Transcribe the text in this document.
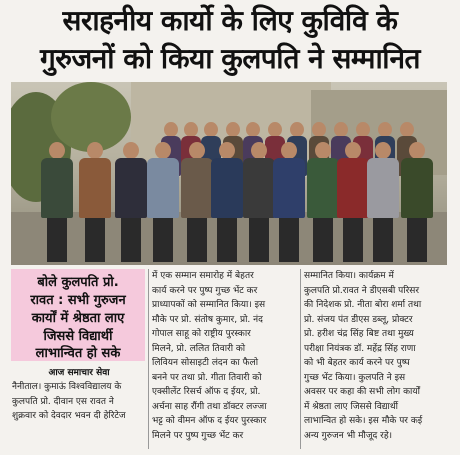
सराहनीय कार्यो के लिए कुविवि के
गुरुजनों को किया कुलपति ने सम्मानित
बोले कुलपति प्रो.
रावत : सभी गुरुजन
कार्यों में श्रेष्ठता लाए
जिससे विद्यार्थी
लाभान्वित हो सके
आज समाचार सेवा
नैनीताल। कुमाऊं विश्वविद्यालय के
कुलपति प्रो. दीवान एस रावत ने
शुक्रवार को देवदार भवन दी हेरिटेज
में एक सम्मान समारोह में बेहतर
कार्य करने पर पुष्प गुच्छ भेंट कर
प्राध्यापकों को सम्मानित किया। इस
मौके पर प्रो. संतोष कुमार, प्रो. नंद
गोपाल साहू को राष्ट्रीय पुरस्कार
मिलने, प्रो. ललित तिवारी को
लिवियन सोसाइटी लंदन का फैलो
बनने पर तथा प्रो. गीता तिवारी को
एक्सीलेंट रिसर्च ऑफ द ईयर, प्रो.
अर्चना साह रौंगी तथा डॉक्टर लज्जा
भट्ट को वीमन ऑफ द ईयर पुरस्कार
मिलने पर पुष्प गुच्छ भेंट कर
सम्मानित किया। कार्यक्रम में
कुलपति प्रो.रावत ने डीएसबी परिसर
की निदेशक प्रो. नीता बोरा शर्मा तथा
प्रो. संजय पंत डीएस डब्लू, प्रोक्टर
प्रो. हरीश चंद्र सिंह बिष्ट तथा मुख्य
परीक्षा नियंत्रक डॉ. महेंद्र सिंह राणा
को भी बेहतर कार्य करने पर पुष्प
गुच्छ भेंट किया। कुलपति ने इस
अवसर पर कहा की सभी लोग कार्यों
में श्रेष्ठता लाए जिससे विद्यार्थी
लाभान्वित हो सके। इस मौके पर कई
अन्य गुरुजन भी मौजूद रहे।
